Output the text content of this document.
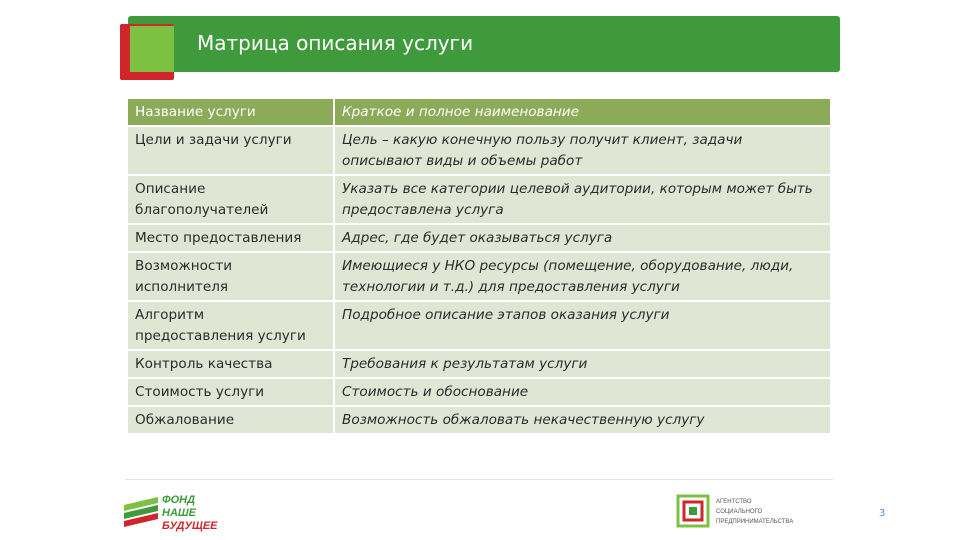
Матрица описания услуги
Название услуги	Краткое и полное наименование
Цели и задачи услуги	Цель – какую конечную пользу получит клиент, задачи описывают виды и объемы работ
Описание благополучателей	Указать все категории целевой аудитории, которым может быть предоставлена услуга
Место предоставления	Адрес, где будет оказываться услуга
Возможности исполнителя	Имеющиеся у НКО ресурсы (помещение, оборудование, люди, технологии и т.д.) для предоставления услуги
Алгоритм предоставления услуги	Подробное описание этапов оказания услуги
Контроль качества	Требования к результатам услуги
Стоимость услуги	Стоимость и обоснование
Обжалование	Возможность обжаловать некачественную услугу
ФОНД
НАШЕ
БУДУЩЕЕ
АГЕНТСТВО
СОЦИАЛЬНОГО
ПРЕДПРИНИМАТЕЛЬСТВА
3
